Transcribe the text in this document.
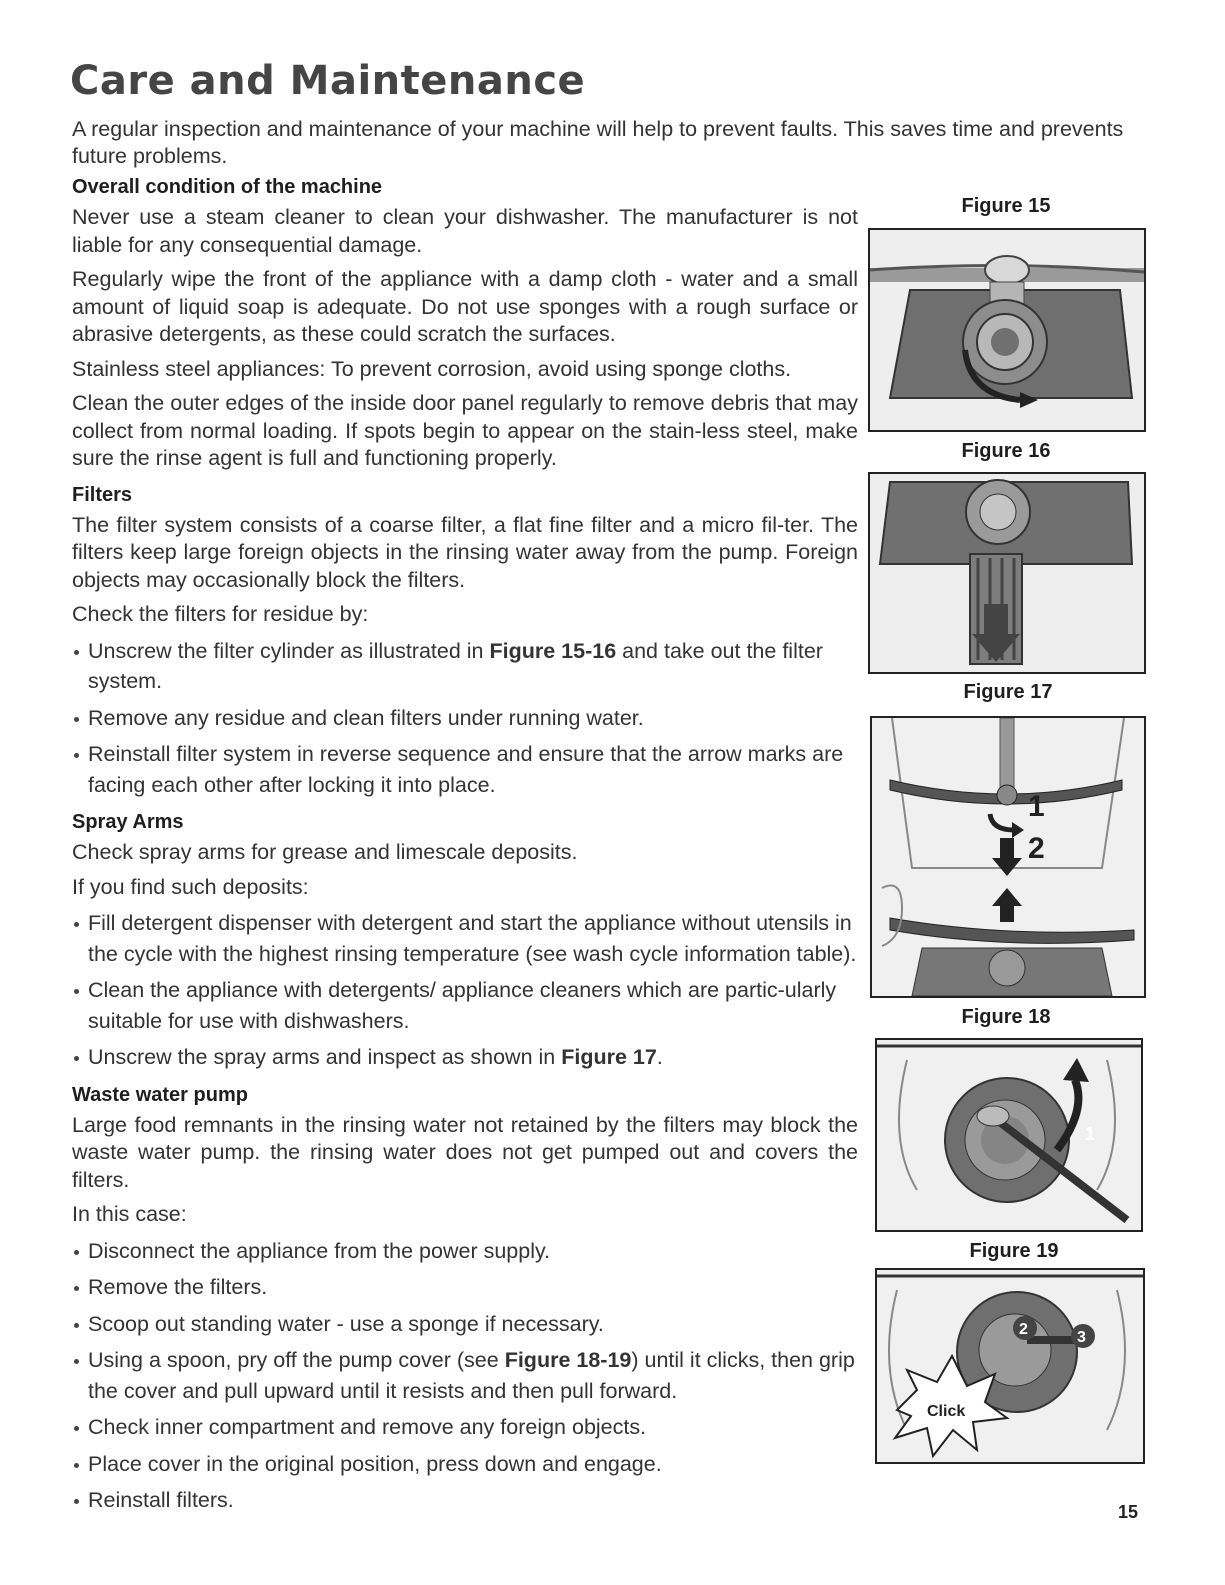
Care and Maintenance

A regular inspection and maintenance of your machine will help to prevent faults. This saves time and prevents future problems.

Overall condition of the machine

Never use a steam cleaner to clean your dishwasher. The manufacturer is not liable for any consequential damage.

Regularly wipe the front of the appliance with a damp cloth - water and a small amount of liquid soap is adequate. Do not use sponges with a rough surface or abrasive detergents, as these could scratch the surfaces.

Stainless steel appliances: To prevent corrosion, avoid using sponge cloths.

Clean the outer edges of the inside door panel regularly to remove debris that may collect from normal loading. If spots begin to appear on the stain-less steel, make sure the rinse agent is full and functioning properly.

Filters

The filter system consists of a coarse filter, a flat fine filter and a micro fil-ter. The filters keep large foreign objects in the rinsing water away from the pump. Foreign objects may occasionally block the filters.

Check the filters for residue by:

Unscrew the filter cylinder as illustrated in Figure 15-16 and take out the filter system.
Remove any residue and clean filters under running water.
Reinstall filter system in reverse sequence and ensure that the arrow marks are facing each other after locking it into place.
Spray Arms

Check spray arms for grease and limescale deposits.

If you find such deposits:

Fill detergent dispenser with detergent and start the appliance without utensils in the cycle with the highest rinsing temperature (see wash cycle information table).
Clean the appliance with detergents/ appliance cleaners which are partic-ularly suitable for use with dishwashers.
Unscrew the spray arms and inspect as shown in Figure 17.
Waste water pump

Large food remnants in the rinsing water not retained by the filters may block the waste water pump. the rinsing water does not get pumped out and covers the filters.

In this case:

Disconnect the appliance from the power supply.
Remove the filters.
Scoop out standing water - use a sponge if necessary.
Using a spoon, pry off the pump cover (see Figure 18-19) until it clicks, then grip the cover and pull upward until it resists and then pull forward.
Check inner compartment and remove any foreign objects.
Place cover in the original position, press down and engage.
Reinstall filters.
Figure 15
Figure 16
Figure 17
1
2
Figure 18
1
Figure 19
2	3
Click
15
